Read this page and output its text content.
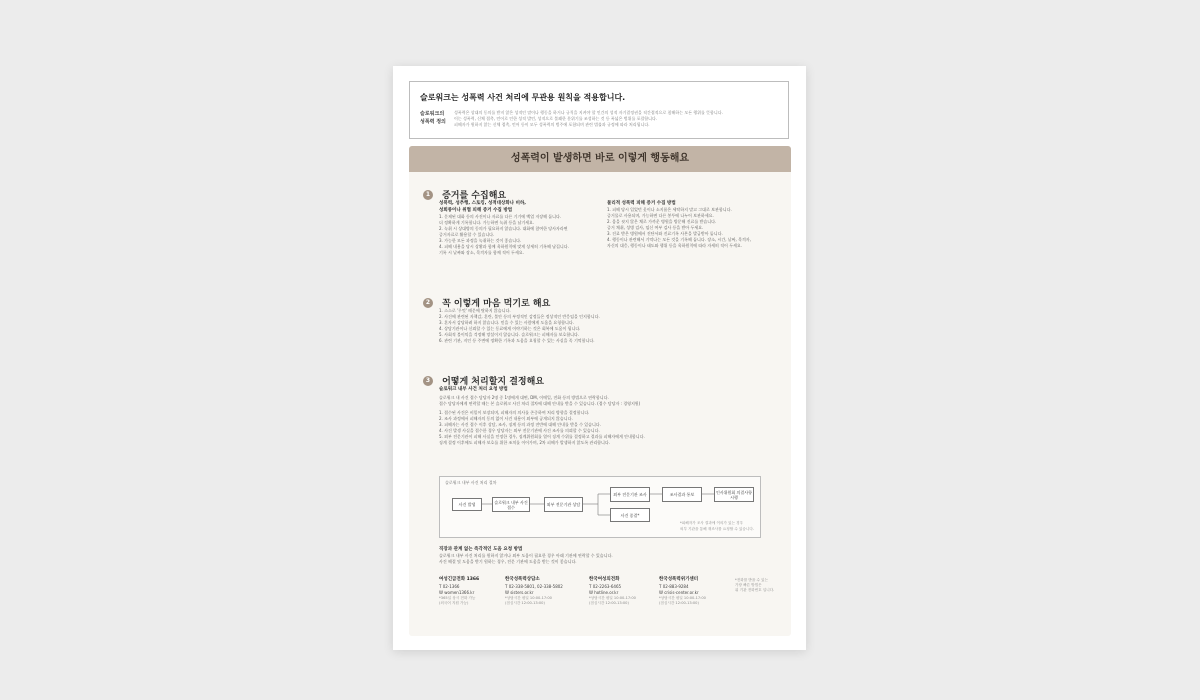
슬로워크는 성폭력 사건 처리에 무관용 원칙을 적용합니다.
슬로워크의 성폭력 정의
성폭력은 상대의 동의를 받지 않은 성적인 말이나 행동을 하거나 규칙을 지켜야 할 인간의 성적 자기결정권을 직간접적으로 침해하는 모든 행위를 뜻합니다.
이는 성폭력, 신체 접촉, 언어로 인한 성적 발언, 성적으로 불쾌한 분위기를 조성하는 것 등 폭넓은 범위를 포괄합니다.
피해자가 원하지 않는 신체 접촉, 언어 등이 모두 성폭력의 범주에 포함되며 관련 법률과 규정에 따라 처리됩니다.
성폭력이 발생하면 바로 이렇게 행동해요
1 증거를 수집해요
성폭력, 성추행, 스토킹, 성적대상화나 비하,
성희롱이나 위협 피해 증거 수집 방법
1. 문제된 대화 등의 사진이나 자료를 다른 기기에 백업 저장해 둡니다.
더 정확하게 기록합니다. 가능하면 녹취 등을 남기세요.
2. 녹취 시 상대방의 동의가 필요하지 않습니다. 대화에 참여한 당사자라면
증거자료로 활용할 수 있습니다.
3. 가능한 모든 과정을 녹취하는 것이 좋습니다.
4. 피해 내용을 당시 상황과 함께 육하원칙에 맞게 상세히 기록해 남깁니다.
기록 시 날짜와 장소, 목격자를 함께 적어 두세요.
물리적 성폭력 피해 증거 수집 방법
1. 피해 당시 입었던 옷이나 소지품은 세탁하지 말고 그대로 보관합니다.
증거물로 사용되며, 가능하면 다른 봉투에 나누어 보관하세요.
2. 몸을 씻지 않은 채로 가까운 병원을 방문해 진료를 받습니다.
증거 채취, 성병 검사, 임신 여부 검사 등을 받아 두세요.
3. 진료 받은 병원에서 진단서와 진료기록 사본을 발급받아 둡니다.
4. 행동이나 관련해서 기억나는 모든 것을 기록해 둡니다. 장소, 시간, 날짜, 목격자,
자신의 대응, 행동이나 태도와 행위 등을 육하원칙에 따라 자세히 적어 두세요.
2 꼭 이렇게 마음 먹기로 해요
1. 스스로 '무엇' 때문에 탓하지 않습니다.
2. 사건에 관련된 자책감, 혼란, 불안 등의 부정적인 감정들은 정상적인 반응임을 인지합니다.
3. 혼자서 감당하려 하지 않습니다. 믿을 수 있는 사람에게 도움을 요청합니다.
4. 상담기관이나 신뢰할 수 있는 동료에게 이야기하는 것은 회복에 도움이 됩니다.
5. 사회적 불이익을 걱정해 망설이지 않습니다. 슬로워크는 피해자를 보호합니다.
6. 관련 기관, 지인 등 주변에 정확한 기록과 도움을 요청할 수 있는 사실을 꼭 기억합니다.
3 어떻게 처리할지 결정해요
슬로워크 내부 사건 처리 요청 방법
슬로워크 내 사건 접수 담당자 2명 중 1명에게 대면, DM, 이메일, 전화 등의 방법으로 연락합니다.
접수 담당자에게 연락할 때는 본 슬로워크 사건 처리 절차에 대해 안내를 받을 수 있습니다. (접수 담당자 : 경영지원)
1. 접수된 사건은 비밀이 보장되며, 피해자의 의사를 존중하여 처리 방향을 결정합니다.
2. 조사 과정에서 피해자의 동의 없이 사건 내용이 외부에 공개되지 않습니다.
3. 피해자는 사건 접수 이후 상담, 조사, 징계 등의 과정 전반에 대해 안내를 받을 수 있습니다.
4. 사건 발생 사실을 접수한 경우 담당자는 외부 전문기관에 사건 조사를 의뢰할 수 있습니다.
5. 외부 전문기관이 피해 사실을 인정한 경우, 징계위원회를 열어 징계 수위를 결정하고 결과를 피해자에게 안내합니다.
징계 결정 이후에도 피해자 보호를 위한 조치를 이어가며, 2차 피해가 발생하지 않도록 관리합니다.
슬로워크 내부 사건 처리 절차
사건 발생	슬로워크 내부 사건 접수	외부 전문기관 상담
외부 전문기관 조사	조사결과 통보	인사위원회 의결사항 시행
사건 종결*
*피해자가 조사 결과에 이의가 있는 경우
외부 기관을 통해 재조사를 요청할 수 있습니다.
직장과 관계 없는 즉각적인 도움 요청 방법
슬로워크 내부 사건 처리를 원하지 않거나 외부 도움이 필요한 경우 아래 기관에 연락할 수 있습니다.
사건 해결 및 도움을 받기 원하는 경우, 전문 기관에 도움을 받는 것이 좋습니다.
여성긴급전화 1366
T 02-1366
W women1366.kr
*365일 상시 전화 가능
(외국어 지원 가능)
한국성폭력상담소
T 02-338-5801, 02-338-5802
W sisters.or.kr
*상담시간 평일 10:00-17:00
(점심시간 12:00-13:00)
한국여성의전화
T 02-2263-6465
W hotline.or.kr
*상담시간 평일 10:00-17:00
(점심시간 12:00-13:00)
한국성폭력위기센터
T 02-883-9284
W crisis-center.or.kr
*상담시간 평일 10:00-17:00
(점심시간 12:00-13:00)
*전화를 받을 수 있는
가장 빠른 방법은
위 기관 전화번호 입니다.
